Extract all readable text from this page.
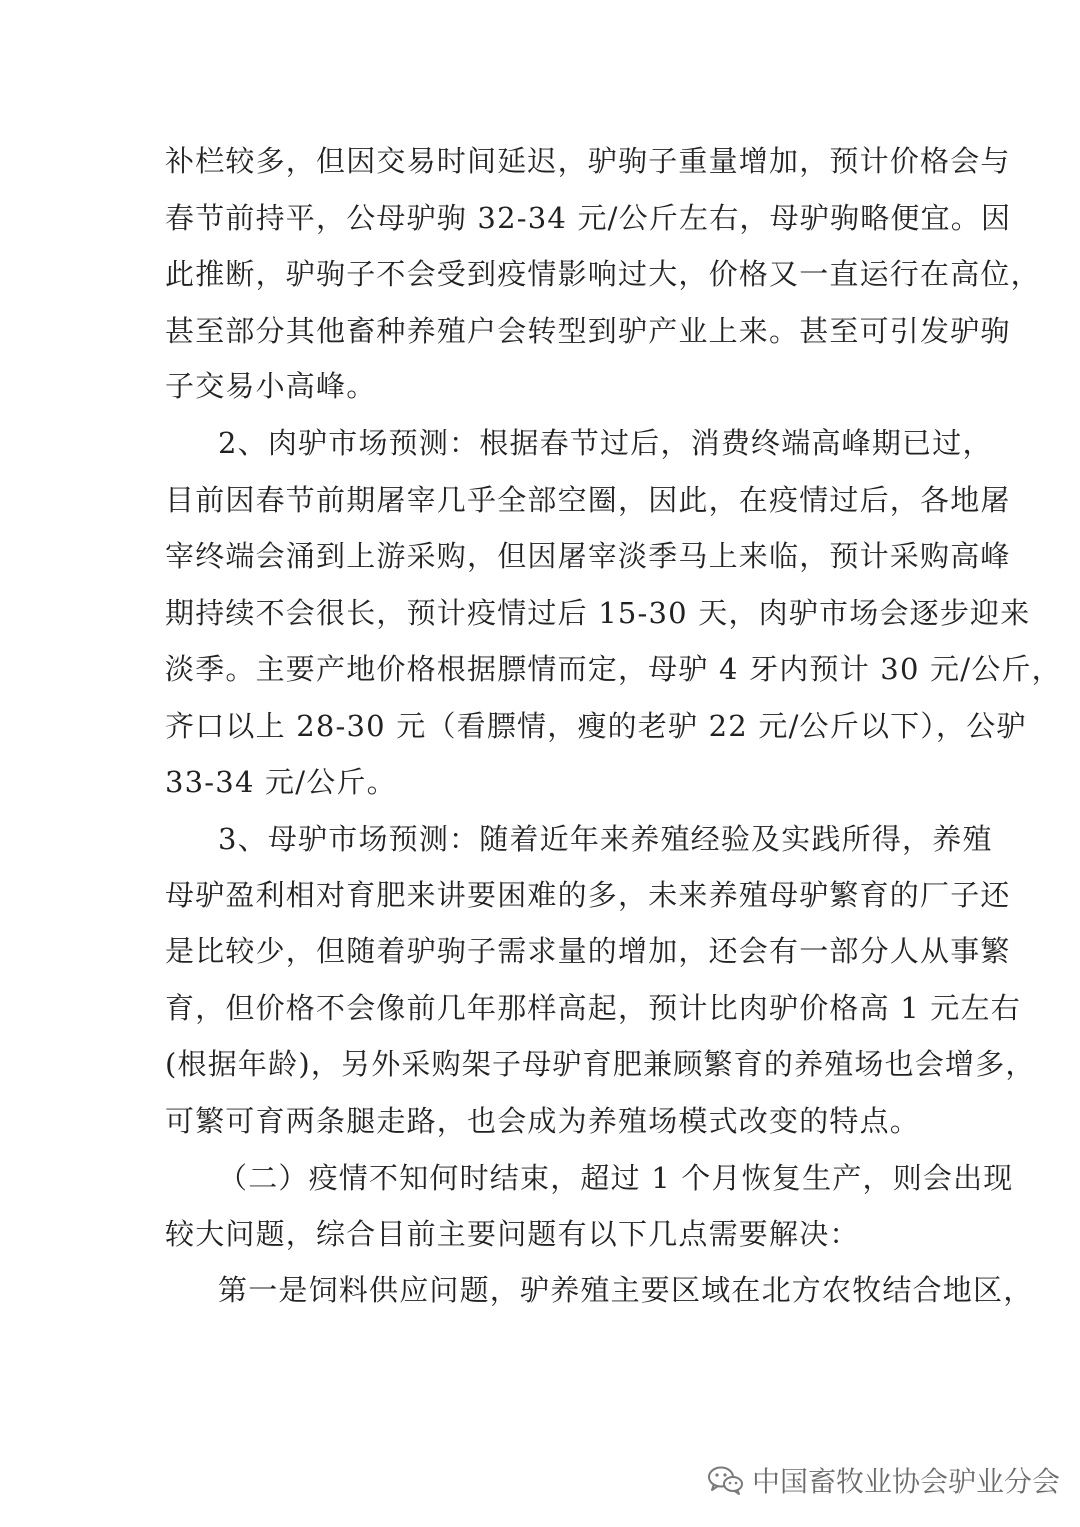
补栏较多，但因交易时间延迟，驴驹子重量增加，预计价格会与
春节前持平，公母驴驹 32-34 元/公斤左右，母驴驹略便宜。因
此推断，驴驹子不会受到疫情影响过大，价格又一直运行在高位，
甚至部分其他畜种养殖户会转型到驴产业上来。甚至可引发驴驹
子交易小高峰。
2、肉驴市场预测：根据春节过后，消费终端高峰期已过，
目前因春节前期屠宰几乎全部空圈，因此，在疫情过后，各地屠
宰终端会涌到上游采购，但因屠宰淡季马上来临，预计采购高峰
期持续不会很长，预计疫情过后 15-30 天，肉驴市场会逐步迎来
淡季。主要产地价格根据膘情而定，母驴 4 牙内预计 30 元/公斤，
齐口以上 28-30 元（看膘情，瘦的老驴 22 元/公斤以下），公驴
33-34 元/公斤。
3、母驴市场预测：随着近年来养殖经验及实践所得，养殖
母驴盈利相对育肥来讲要困难的多，未来养殖母驴繁育的厂子还
是比较少，但随着驴驹子需求量的增加，还会有一部分人从事繁
育，但价格不会像前几年那样高起，预计比肉驴价格高 1 元左右
(根据年龄)，另外采购架子母驴育肥兼顾繁育的养殖场也会增多，
可繁可育两条腿走路，也会成为养殖场模式改变的特点。
（二）疫情不知何时结束，超过 1 个月恢复生产，则会出现
较大问题，综合目前主要问题有以下几点需要解决：
第一是饲料供应问题，驴养殖主要区域在北方农牧结合地区，
中国畜牧业协会驴业分会
